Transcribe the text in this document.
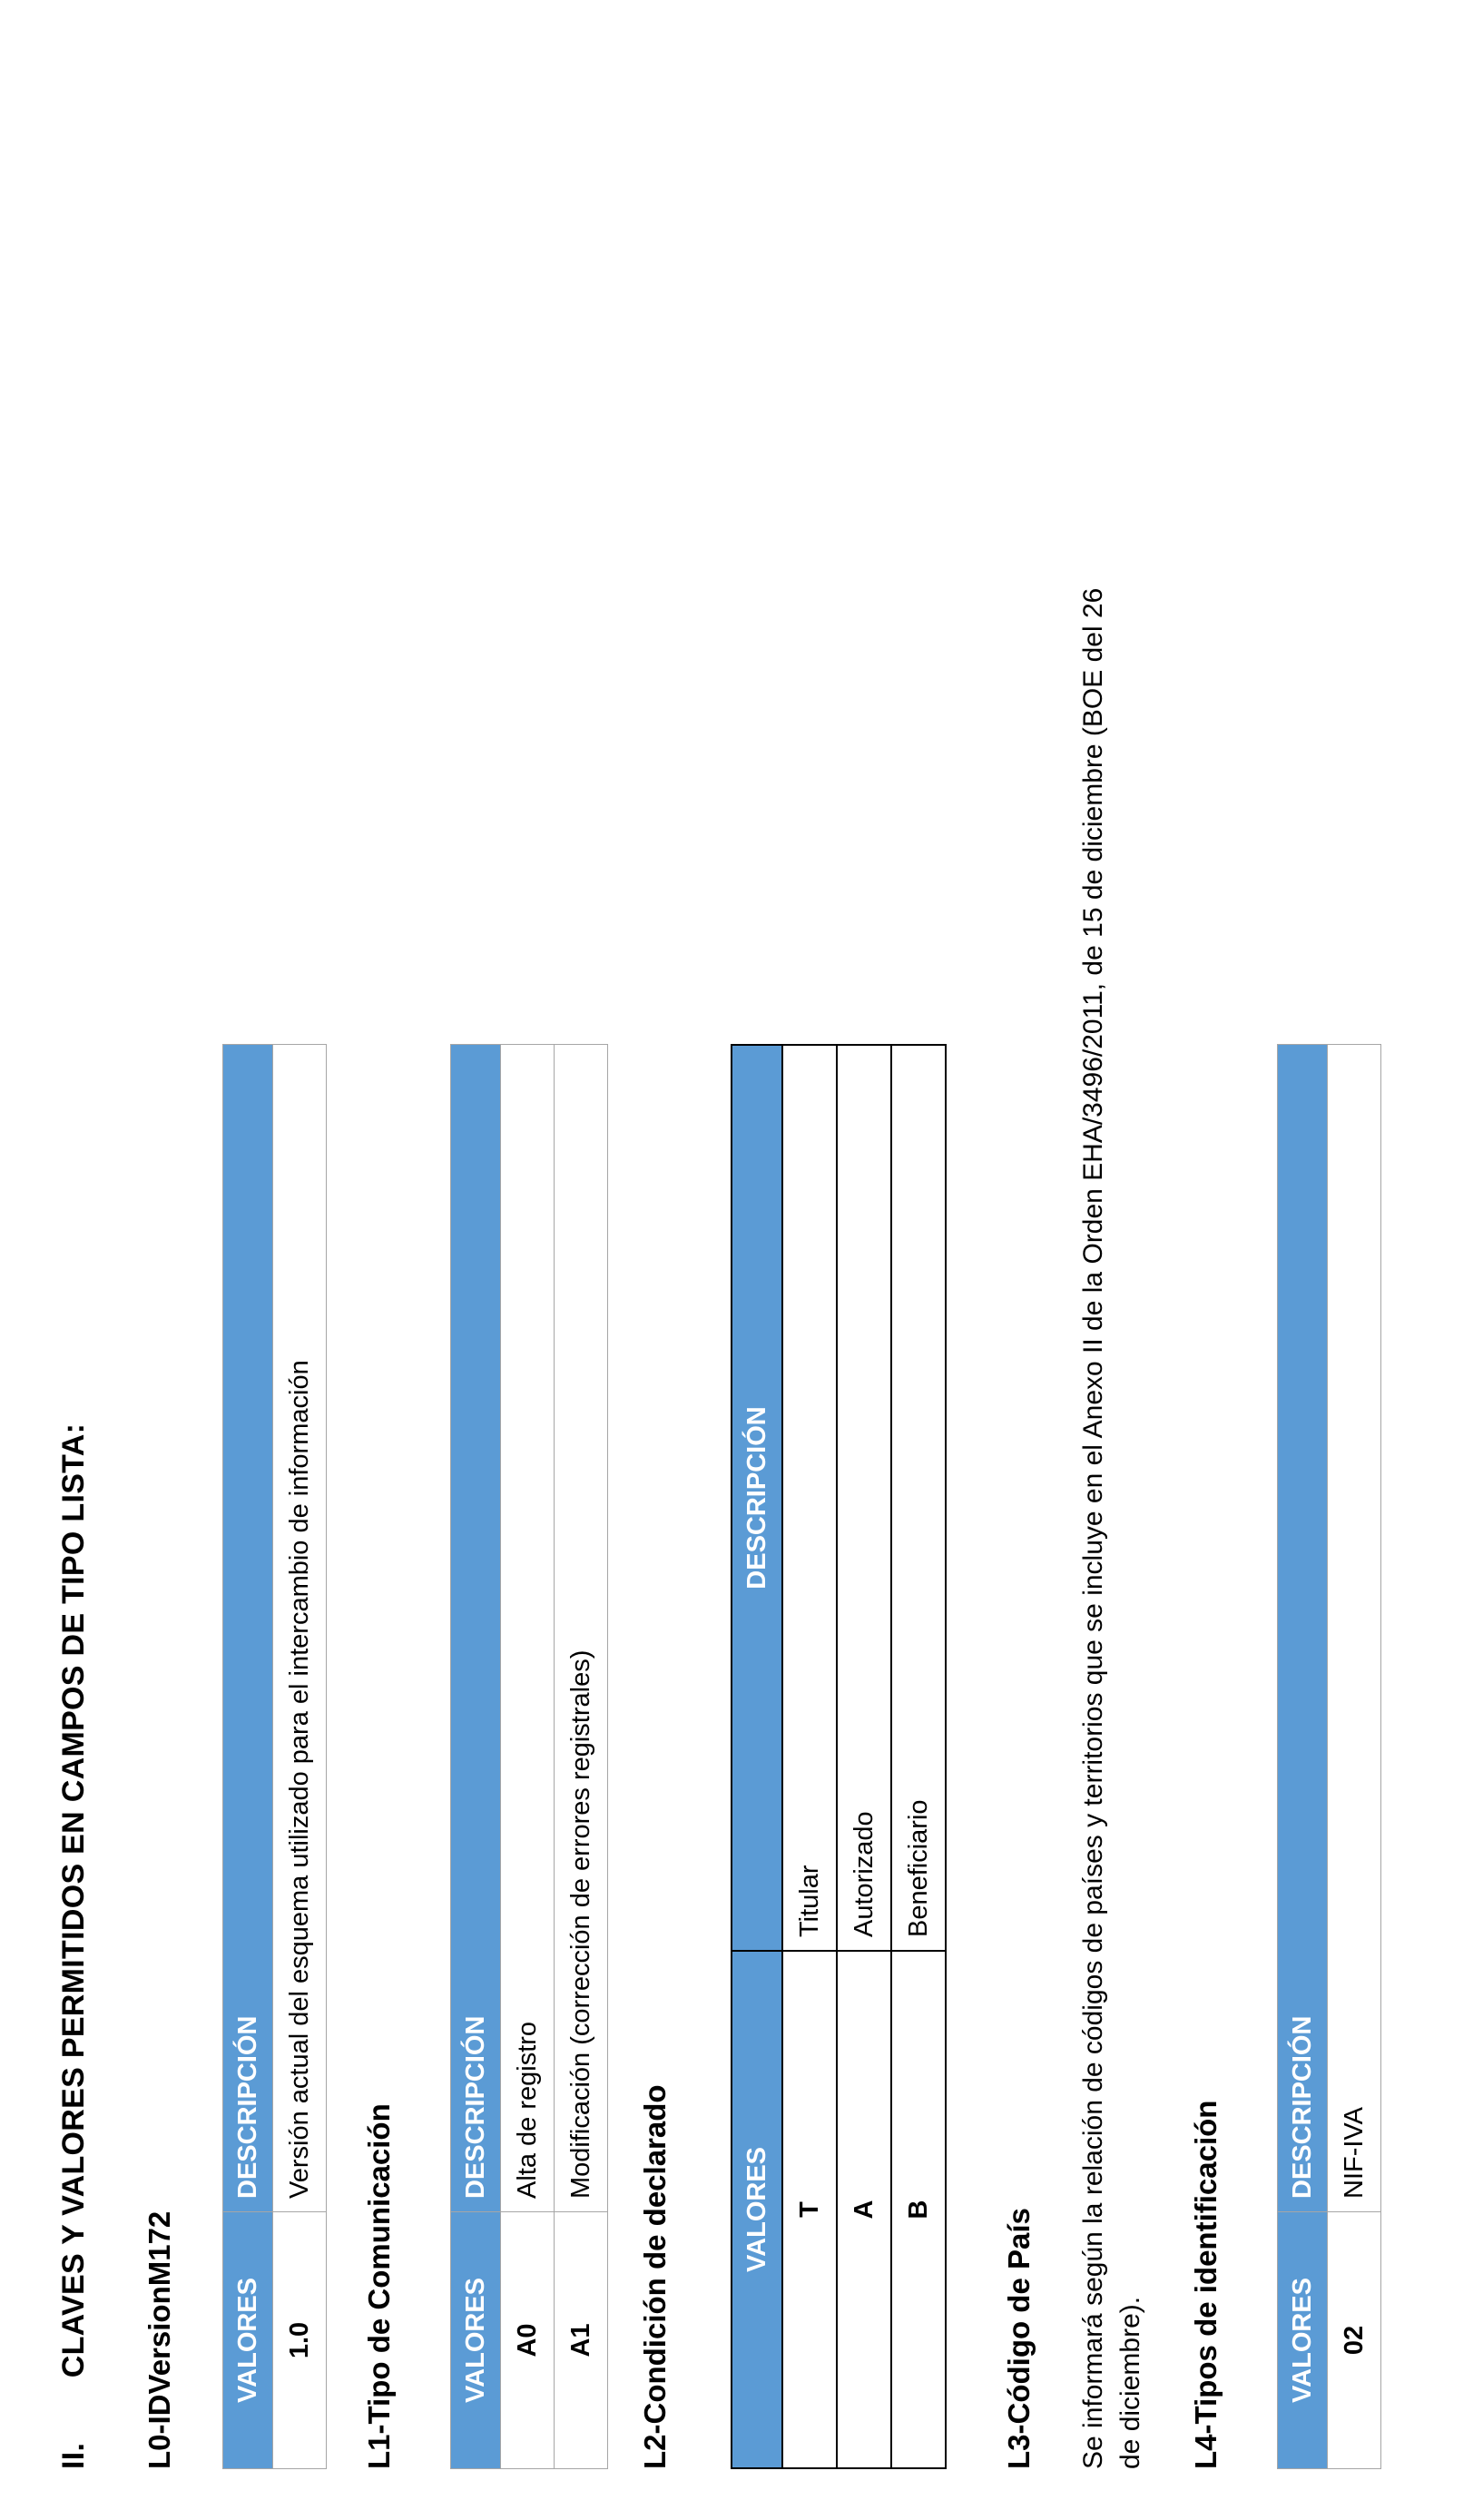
II.  CLAVES Y VALORES PERMITIDOS EN CAMPOS DE TIPO LISTA: L0-IDVersionM172 VALORES	DESCRIPCIÓN
1.0	Versión actual del esquema utilizado para el intercambio de información
L1-Tipo de Comunicación VALORES	DESCRIPCIÓN
A0	Alta de registro
A1	Modificación (corrección de errores registrales)
L2-Condición de declarado	VALORES	DESCRIPCIÓN
T	Titular
A	Autorizado
B	Beneficiario
L3-Código de País Se informará según la relación de códigos de países y territorios que se incluye en el Anexo II de la Orden EHA/3496/2011, de 15 de diciembre (BOE del 26 de diciembre). L4-Tipos de identificación VALORES	DESCRIPCIÓN
02	NIF-IVA
